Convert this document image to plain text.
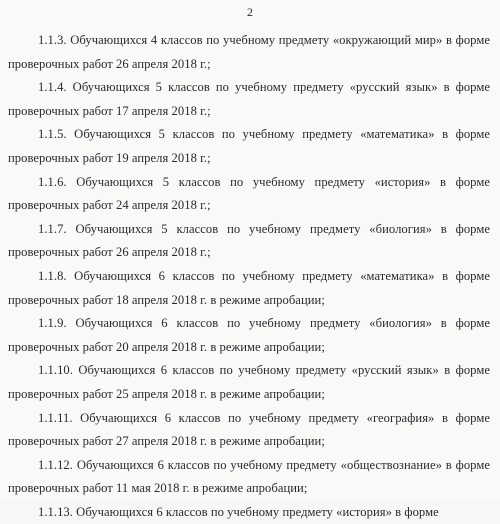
2

1.1.3. Обучающихся 4 классов по учебному предмету «окружающий мир» в форме проверочных работ 26 апреля 2018 г.;

1.1.4. Обучающихся 5 классов по учебному предмету «русский язык» в форме проверочных работ 17 апреля 2018 г.;

1.1.5. Обучающихся 5 классов по учебному предмету «математика» в форме проверочных работ 19 апреля 2018 г.;

1.1.6. Обучающихся 5 классов по учебному предмету «история» в форме проверочных работ 24 апреля 2018 г.;

1.1.7. Обучающихся 5 классов по учебному предмету «биология» в форме проверочных работ 26 апреля 2018 г.;

1.1.8. Обучающихся 6 классов по учебному предмету «математика» в форме проверочных работ 18 апреля 2018 г. в режиме апробации;

1.1.9. Обучающихся 6 классов по учебному предмету «биология» в форме проверочных работ 20 апреля 2018 г. в режиме апробации;

1.1.10. Обучающихся 6 классов по учебному предмету «русский язык» в форме проверочных работ 25 апреля 2018 г. в режиме апробации;

1.1.11. Обучающихся 6 классов по учебному предмету «география» в форме проверочных работ 27 апреля 2018 г. в режиме апробации;

1.1.12. Обучающихся 6 классов по учебному предмету «обществознание» в форме проверочных работ 11 мая 2018 г. в режиме апробации;

1.1.13. Обучающихся 6 классов по учебному предмету «история» в форме
